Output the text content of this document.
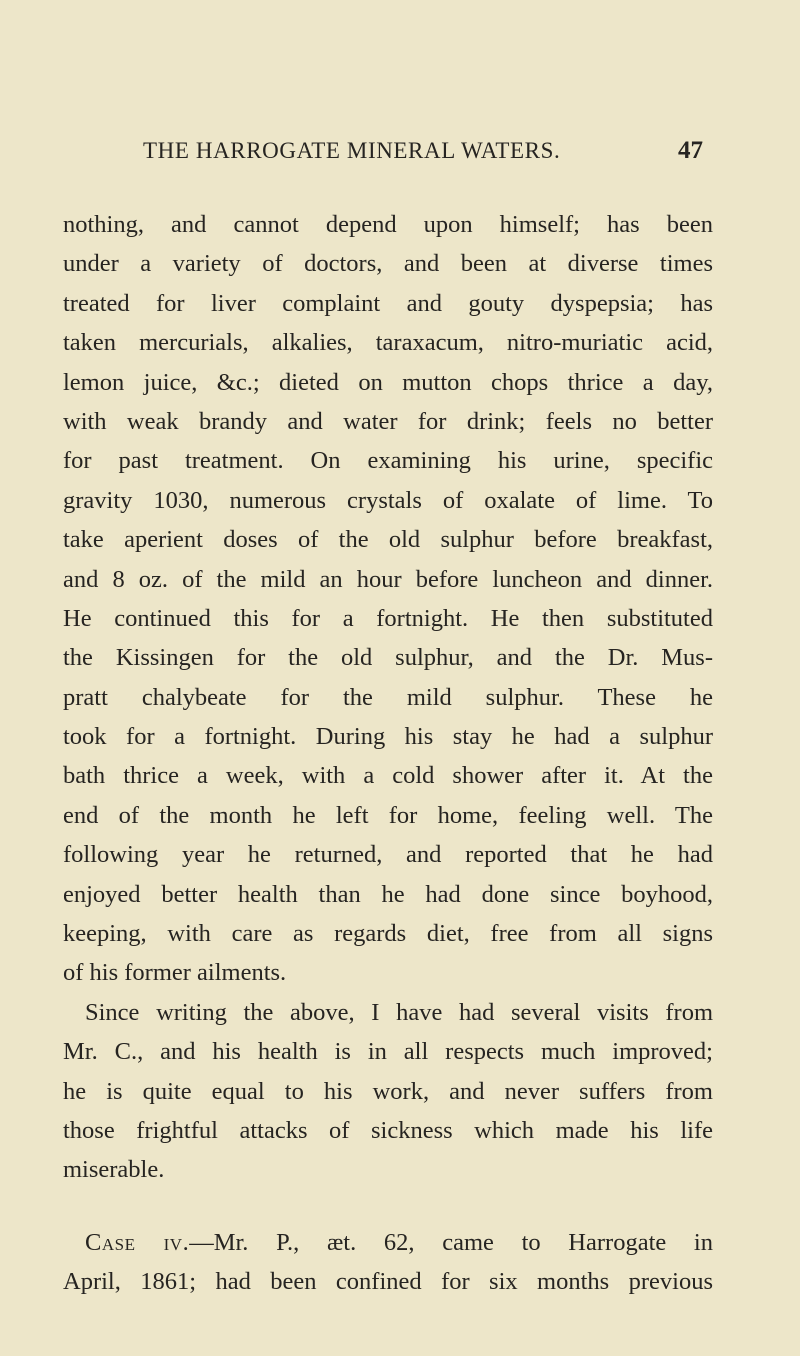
THE HARROGATE MINERAL WATERS.	47
nothing, and cannot depend upon himself; has been
under a variety of doctors, and been at diverse times
treated for liver complaint and gouty dyspepsia; has
taken mercurials, alkalies, taraxacum, nitro-muriatic acid,
lemon juice, &c.; dieted on mutton chops thrice a day,
with weak brandy and water for drink; feels no better
for past treatment. On examining his urine, specific
gravity 1030, numerous crystals of oxalate of lime. To
take aperient doses of the old sulphur before breakfast,
and 8 oz. of the mild an hour before luncheon and dinner.
He continued this for a fortnight. He then substituted
the Kissingen for the old sulphur, and the Dr. Mus-
pratt chalybeate for the mild sulphur. These he
took for a fortnight. During his stay he had a sulphur
bath thrice a week, with a cold shower after it. At the
end of the month he left for home, feeling well. The
following year he returned, and reported that he had
enjoyed better health than he had done since boyhood,
keeping, with care as regards diet, free from all signs
of his former ailments.
Since writing the above, I have had several visits from
Mr. C., and his health is in all respects much improved;
he is quite equal to his work, and never suffers from
those frightful attacks of sickness which made his life
miserable.
Case iv.—Mr. P., æt. 62, came to Harrogate in
April, 1861; had been confined for six months previous
